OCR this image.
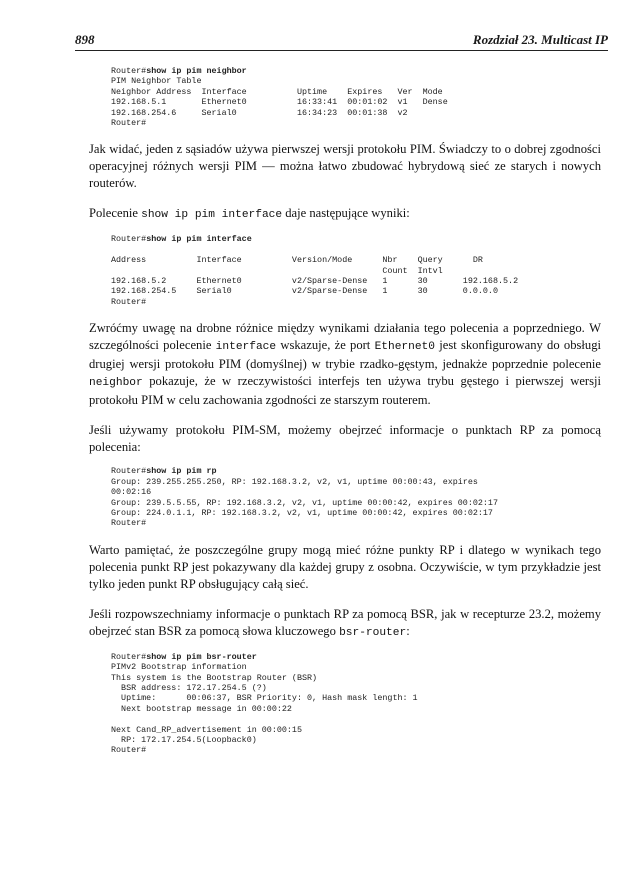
898	Rozdział 23. Multicast IP
Router#show ip pim neighbor
PIM Neighbor Table
Neighbor Address  Interface          Uptime    Expires   Ver  Mode
192.168.5.1       Ethernet0          16:33:41  00:01:02  v1   Dense
192.168.254.6     Serial0            16:34:23  00:01:38  v2
Router#

Jak widać, jeden z sąsiadów używa pierwszej wersji protokołu PIM. Świadczy to o dobrej zgodności operacyjnej różnych wersji PIM — można łatwo zbudować hybrydową sieć ze starych i nowych routerów.

Polecenie show ip pim interface daje następujące wyniki:

Router#show ip pim interface

Address          Interface          Version/Mode      Nbr    Query      DR
Count  Intvl
192.168.5.2      Ethernet0          v2/Sparse-Dense   1      30       192.168.5.2
192.168.254.5    Serial0            v2/Sparse-Dense   1      30       0.0.0.0
Router#

Zwróćmy uwagę na drobne różnice między wynikami działania tego polecenia a poprzedniego. W szczególności polecenie interface wskazuje, że port Ethernet0 jest skonfigurowany do obsługi drugiej wersji protokołu PIM (domyślnej) w trybie rzadko-gęstym, jednakże poprzednie polecenie neighbor pokazuje, że w rzeczywistości interfejs ten używa trybu gęstego i pierwszej wersji protokołu PIM w celu zachowania zgodności ze starszym routerem.

Jeśli używamy protokołu PIM-SM, możemy obejrzeć informacje o punktach RP za pomocą polecenia:

Router#show ip pim rp
Group: 239.255.255.250, RP: 192.168.3.2, v2, v1, uptime 00:00:43, expires
00:02:16
Group: 239.5.5.55, RP: 192.168.3.2, v2, v1, uptime 00:00:42, expires 00:02:17
Group: 224.0.1.1, RP: 192.168.3.2, v2, v1, uptime 00:00:42, expires 00:02:17
Router#

Warto pamiętać, że poszczególne grupy mogą mieć różne punkty RP i dlatego w wynikach tego polecenia punkt RP jest pokazywany dla każdej grupy z osobna. Oczywiście, w tym przykładzie jest tylko jeden punkt RP obsługujący całą sieć.

Jeśli rozpowszechniamy informacje o punktach RP za pomocą BSR, jak w recepturze 23.2, możemy obejrzeć stan BSR za pomocą słowa kluczowego bsr-router:

Router#show ip pim bsr-router
PIMv2 Bootstrap information
This system is the Bootstrap Router (BSR)
BSR address: 172.17.254.5 (?)
Uptime:      00:06:37, BSR Priority: 0, Hash mask length: 1
Next bootstrap message in 00:00:22

Next Cand_RP_advertisement in 00:00:15
RP: 172.17.254.5(Loopback0)
Router#
